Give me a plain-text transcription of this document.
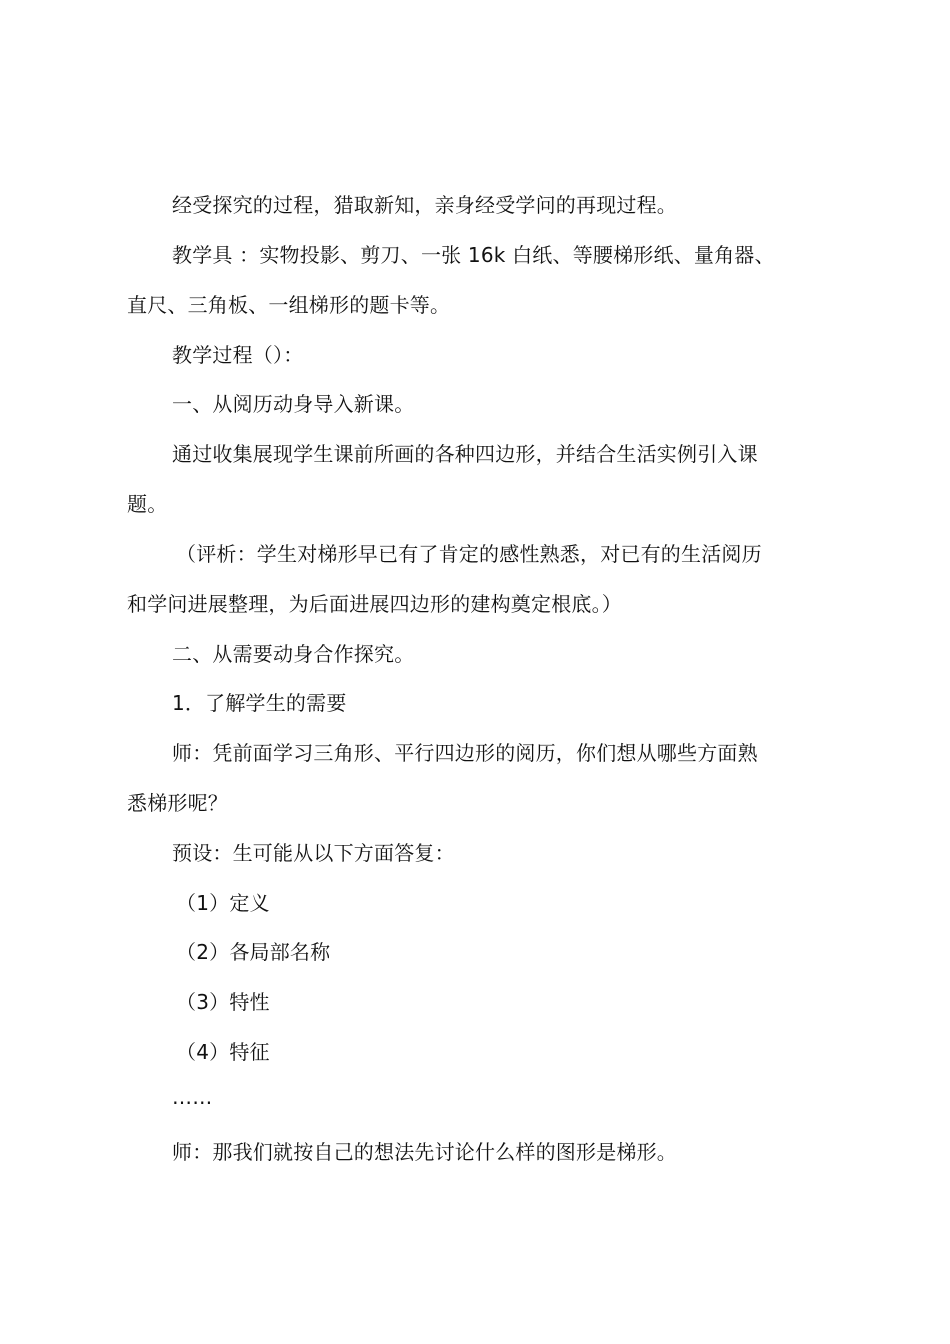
经受探究的过程，猎取新知，亲身经受学问的再现过程。
教学具 ：实物投影、剪刀、一张 16k 白纸、等腰梯形纸、量角器、
直尺、三角板、一组梯形的题卡等。
教学过程（）：
一、从阅历动身导入新课。
通过收集展现学生课前所画的各种四边形，并结合生活实例引入课
题。
（评析：学生对梯形早已有了肯定的感性熟悉，对已有的生活阅历
和学问进展整理，为后面进展四边形的建构奠定根底。）
二、从需要动身合作探究。
1．了解学生的需要
师：凭前面学习三角形、平行四边形的阅历，你们想从哪些方面熟
悉梯形呢？
预设：生可能从以下方面答复：
（1）定义
（2）各局部名称
（3）特性
（4）特征
……
师：那我们就按自己的想法先讨论什么样的图形是梯形。
